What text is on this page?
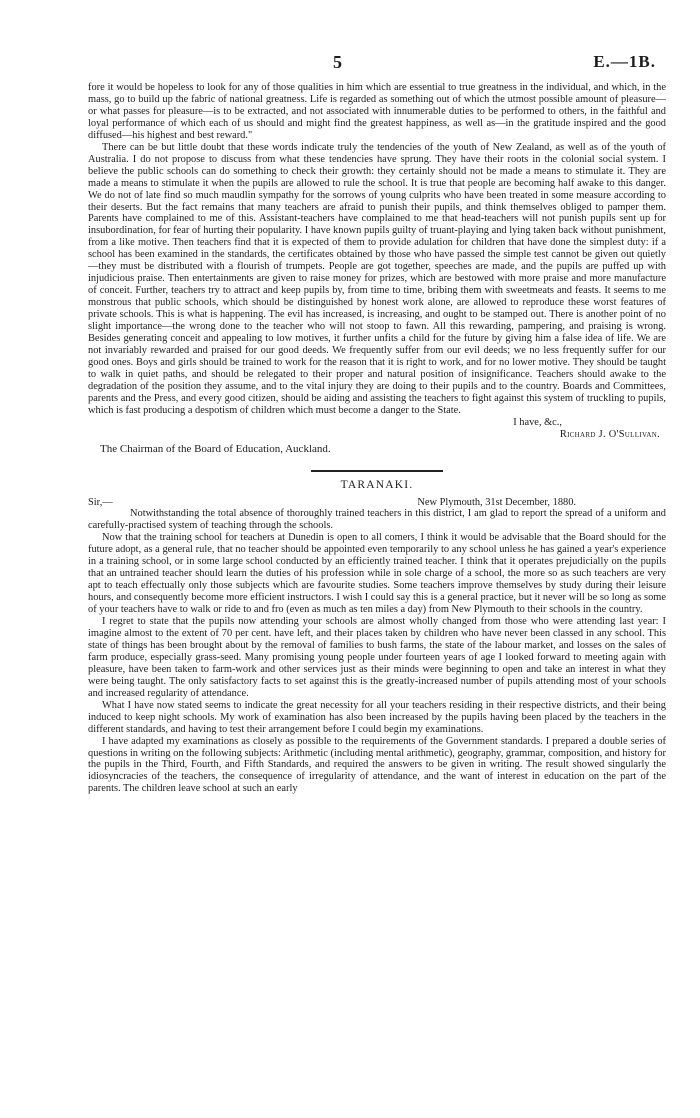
5	E.—1B.

fore it would be hopeless to look for any of those qualities in him which are essential to true greatness in the individual, and which, in the mass, go to build up the fabric of national greatness. Life is regarded as something out of which the utmost possible amount of pleasure—or what passes for pleasure—is to be extracted, and not associated with innumerable duties to be performed to others, in the faithful and loyal performance of which each of us should and might find the greatest happiness, as well as—in the gratitude inspired and the good diffused—his highest and best reward."

There can be but little doubt that these words indicate truly the tendencies of the youth of New Zealand, as well as of the youth of Australia. I do not propose to discuss from what these tendencies have sprung. They have their roots in the colonial social system. I believe the public schools can do something to check their growth: they certainly should not be made a means to stimulate it. They are made a means to stimulate it when the pupils are allowed to rule the school. It is true that people are becoming half awake to this danger. We do not of late find so much maudlin sympathy for the sorrows of young culprits who have been treated in some measure according to their deserts. But the fact remains that many teachers are afraid to punish their pupils, and think themselves obliged to pamper them. Parents have complained to me of this. Assistant-teachers have complained to me that head-teachers will not punish pupils sent up for insubordination, for fear of hurting their popularity. I have known pupils guilty of truant-playing and lying taken back without punishment, from a like motive. Then teachers find that it is expected of them to provide adulation for children that have done the simplest duty: if a school has been examined in the standards, the certificates obtained by those who have passed the simple test cannot be given out quietly—they must be distributed with a flourish of trumpets. People are got together, speeches are made, and the pupils are puffed up with injudicious praise. Then entertainments are given to raise money for prizes, which are bestowed with more praise and more manufacture of conceit. Further, teachers try to attract and keep pupils by, from time to time, bribing them with sweetmeats and feasts. It seems to me monstrous that public schools, which should be distinguished by honest work alone, are allowed to reproduce these worst features of private schools. This is what is happening. The evil has increased, is increasing, and ought to be stamped out. There is another point of no slight importance—the wrong done to the teacher who will not stoop to fawn. All this rewarding, pampering, and praising is wrong. Besides generating conceit and appealing to low motives, it further unfits a child for the future by giving him a false idea of life. We are not invariably rewarded and praised for our good deeds. We frequently suffer from our evil deeds; we no less frequently suffer for our good ones. Boys and girls should be trained to work for the reason that it is right to work, and for no lower motive. They should be taught to walk in quiet paths, and should be relegated to their proper and natural position of insignificance. Teachers should awake to the degradation of the position they assume, and to the vital injury they are doing to their pupils and to the country. Boards and Committees, parents and the Press, and every good citizen, should be aiding and assisting the teachers to fight against this system of truckling to pupils, which is fast producing a despotism of children which must become a danger to the State.

I have, &c.,

Richard J. O'Sullivan.

The Chairman of the Board of Education, Auckland.

TARANAKI.
Sir,—	New Plymouth, 31st December, 1880.

Notwithstanding the total absence of thoroughly trained teachers in this district, I am glad to report the spread of a uniform and carefully-practised system of teaching through the schools.

Now that the training school for teachers at Dunedin is open to all comers, I think it would be advisable that the Board should for the future adopt, as a general rule, that no teacher should be appointed even temporarily to any school unless he has gained a year's experience in a training school, or in some large school conducted by an efficiently trained teacher. I think that it operates prejudicially on the pupils that an untrained teacher should learn the duties of his profession while in sole charge of a school, the more so as such teachers are very apt to teach effectually only those subjects which are favourite studies. Some teachers improve themselves by study during their leisure hours, and consequently become more efficient instructors. I wish I could say this is a general practice, but it never will be so long as some of your teachers have to walk or ride to and fro (even as much as ten miles a day) from New Plymouth to their schools in the country.

I regret to state that the pupils now attending your schools are almost wholly changed from those who were attending last year: I imagine almost to the extent of 70 per cent. have left, and their places taken by children who have never been classed in any school. This state of things has been brought about by the removal of families to bush farms, the state of the labour market, and losses on the sales of farm produce, especially grass-seed. Many promising young people under fourteen years of age I looked forward to meeting again with pleasure, have been taken to farm-work and other services just as their minds were beginning to open and take an interest in what they were being taught. The only satisfactory facts to set against this is the greatly-increased number of pupils attending most of your schools and increased regularity of attendance.

What I have now stated seems to indicate the great necessity for all your teachers residing in their respective districts, and their being induced to keep night schools. My work of examination has also been increased by the pupils having been placed by the teachers in the different standards, and having to test their arrangement before I could begin my examinations.

I have adapted my examinations as closely as possible to the requirements of the Government standards. I prepared a double series of questions in writing on the following subjects: Arithmetic (including mental arithmetic), geography, grammar, composition, and history for the pupils in the Third, Fourth, and Fifth Standards, and required the answers to be given in writing. The result showed singularly the idiosyncracies of the teachers, the consequence of irregularity of attendance, and the want of interest in education on the part of the parents. The children leave school at such an early
